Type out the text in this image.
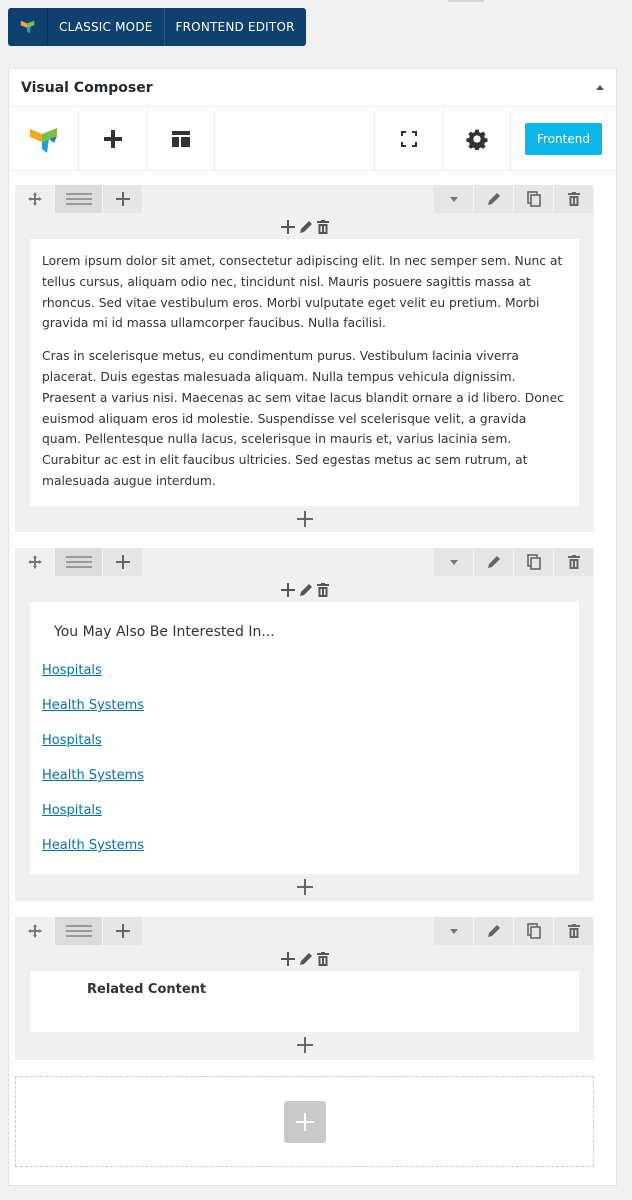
CLASSIC MODE	FRONTEND EDITOR
Visual Composer
Frontend

Lorem ipsum dolor sit amet, consectetur adipiscing elit. In nec semper sem. Nunc at tellus cursus, aliquam odio nec, tincidunt nisl. Mauris posuere sagittis massa at rhoncus. Sed vitae vestibulum eros. Morbi vulputate eget velit eu pretium. Morbi gravida mi id massa ullamcorper faucibus. Nulla facilisi.

Cras in scelerisque metus, eu condimentum purus. Vestibulum lacinia viverra placerat. Duis egestas malesuada aliquam. Nulla tempus vehicula dignissim. Praesent a varius nisi. Maecenas ac sem vitae lacus blandit ornare a id libero. Donec euismod aliquam eros id molestie. Suspendisse vel scelerisque velit, a gravida quam. Pellentesque nulla lacus, scelerisque in mauris et, varius lacinia sem. Curabitur ac est in elit faucibus ultricies. Sed egestas metus ac sem rutrum, at malesuada augue interdum.

You May Also Be Interested In...
Hospitals
Health Systems
Hospitals
Health Systems
Hospitals
Health Systems
Related Content
